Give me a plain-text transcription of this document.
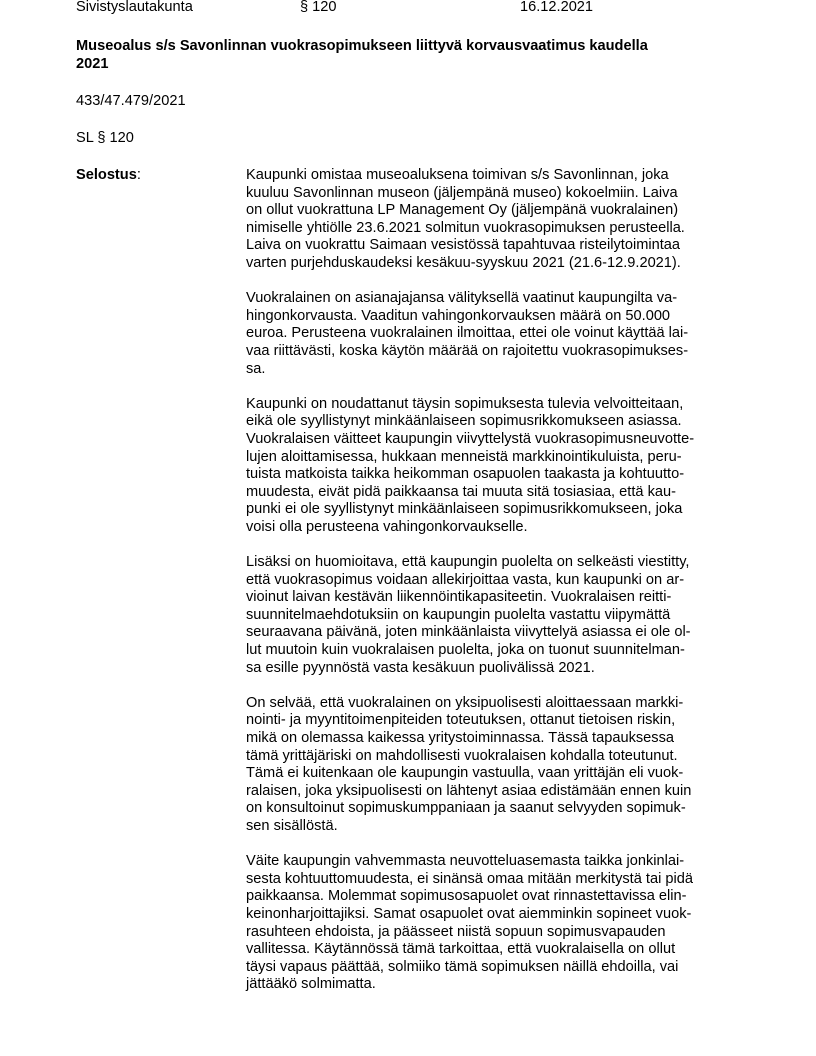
Sivistyslautakunta	§ 120	16.12.2021
Museoalus s/s Savonlinnan vuokrasopimukseen liittyvä korvausvaatimus kaudella
2021
433/47.479/2021
SL § 120
Selostus:	Kaupunki omistaa museoaluksena toimivan s/s Savonlinnan, joka
kuuluu Savonlinnan museon (jäljempänä museo) kokoelmiin. Laiva
on ollut vuokrattuna LP Management Oy (jäljempänä vuokralainen)
nimiselle yhtiölle 23.6.2021 solmitun vuokrasopimuksen perusteella.
Laiva on vuokrattu Saimaan vesistössä tapahtuvaa risteilytoimintaa
varten purjehduskaudeksi kesäkuu-syyskuu 2021 (21.6-12.9.2021).

Vuokralainen on asianajajansa välityksellä vaatinut kaupungilta va-
hingonkorvausta. Vaaditun vahingonkorvauksen määrä on 50.000
euroa. Perusteena vuokralainen ilmoittaa, ettei ole voinut käyttää lai-
vaa riittävästi, koska käytön määrää on rajoitettu vuokrasopimukses-
sa.

Kaupunki on noudattanut täysin sopimuksesta tulevia velvoitteitaan,
eikä ole syyllistynyt minkäänlaiseen sopimusrikkomukseen asiassa.
Vuokralaisen väitteet kaupungin viivyttelystä vuokrasopimusneuvotte-
lujen aloittamisessa, hukkaan menneistä markkinointikuluista, peru-
tuista matkoista taikka heikomman osapuolen taakasta ja kohtuutto-
muudesta, eivät pidä paikkaansa tai muuta sitä tosiasiaa, että kau-
punki ei ole syyllistynyt minkäänlaiseen sopimusrikkomukseen, joka
voisi olla perusteena vahingonkorvaukselle.

Lisäksi on huomioitava, että kaupungin puolelta on selkeästi viestitty,
että vuokrasopimus voidaan allekirjoittaa vasta, kun kaupunki on ar-
vioinut laivan kestävän liikennöintikapasiteetin. Vuokralaisen reitti-
suunnitelmaehdotuksiin on kaupungin puolelta vastattu viipymättä
seuraavana päivänä, joten minkäänlaista viivyttelyä asiassa ei ole ol-
lut muutoin kuin vuokralaisen puolelta, joka on tuonut suunnitelman-
sa esille pyynnöstä vasta kesäkuun puolivälissä 2021.

On selvää, että vuokralainen on yksipuolisesti aloittaessaan markki-
nointi- ja myyntitoimenpiteiden toteutuksen, ottanut tietoisen riskin,
mikä on olemassa kaikessa yritystoiminnassa. Tässä tapauksessa
tämä yrittäjäriski on mahdollisesti vuokralaisen kohdalla toteutunut.
Tämä ei kuitenkaan ole kaupungin vastuulla, vaan yrittäjän eli vuok-
ralaisen, joka yksipuolisesti on lähtenyt asiaa edistämään ennen kuin
on konsultoinut sopimuskumppaniaan ja saanut selvyyden sopimuk-
sen sisällöstä.

Väite kaupungin vahvemmasta neuvotteluasemasta taikka jonkinlai-
sesta kohtuuttomuudesta, ei sinänsä omaa mitään merkitystä tai pidä
paikkaansa. Molemmat sopimusosapuolet ovat rinnastettavissa elin-
keinonharjoittajiksi. Samat osapuolet ovat aiemminkin sopineet vuok-
rasuhteen ehdoista, ja päässeet niistä sopuun sopimusvapauden
vallitessa. Käytännössä tämä tarkoittaa, että vuokralaisella on ollut
täysi vapaus päättää, solmiiko tämä sopimuksen näillä ehdoilla, vai
jättääkö solmimatta.
